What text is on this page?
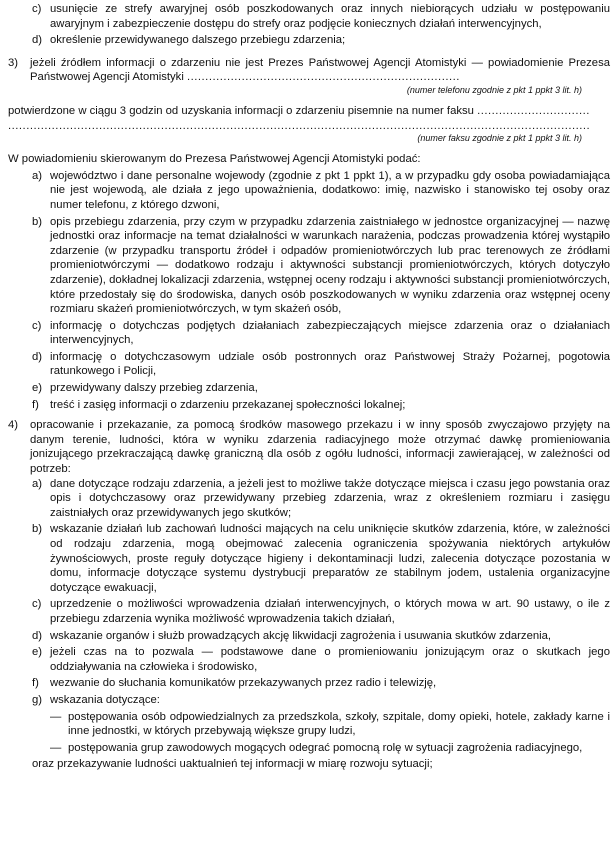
c) usunięcie ze strefy awaryjnej osób poszkodowanych oraz innych niebiorących udziału w postępowaniu awaryjnym i zabezpieczenie dostępu do strefy oraz podjęcie koniecznych działań interwencyjnych,

d) określenie przewidywanego dalszego przebiegu zdarzenia;

3) jeżeli źródłem informacji o zdarzeniu nie jest Prezes Państwowej Agencji Atomistyki — powiadomienie Prezesa Państwowej Agencji Atomistyki ...........................................................................

(numer telefonu zgodnie z pkt 1 ppkt 3 lit. h)

potwierdzone w ciągu 3 godzin od uzyskania informacji o zdarzeniu pisemnie na numer faksu ...............................

................................................................................................................................................................

(numer faksu zgodnie z pkt 1 ppkt 3 lit. h)

W powiadomieniu skierowanym do Prezesa Państwowej Agencji Atomistyki podać:

a) województwo i dane personalne wojewody (zgodnie z pkt 1 ppkt 1), a w przypadku gdy osoba powiadamiająca nie jest wojewodą, ale działa z jego upoważnienia, dodatkowo: imię, nazwisko i stanowisko tej osoby oraz numer telefonu, z którego dzwoni,

b) opis przebiegu zdarzenia, przy czym w przypadku zdarzenia zaistniałego w jednostce organizacyjnej — nazwę jednostki oraz informacje na temat działalności w warunkach narażenia, podczas prowadzenia której wystąpiło zdarzenie (w przypadku transportu źródeł i odpadów promieniotwórczych lub prac terenowych ze źródłami promieniotwórczymi — dodatkowo rodzaju i aktywności substancji promieniotwórczych, których dotyczyło zdarzenie), dokładnej lokalizacji zdarzenia, wstępnej oceny rodzaju i aktywności substancji promieniotwórczych, które przedostały się do środowiska, danych osób poszkodowanych w wyniku zdarzenia oraz wstępnej oceny rozmiaru skażeń promieniotwórczych, w tym skażeń osób,

c) informację o dotychczas podjętych działaniach zabezpieczających miejsce zdarzenia oraz o działaniach interwencyjnych,

d) informację o dotychczasowym udziale osób postronnych oraz Państwowej Straży Pożarnej, pogotowia ratunkowego i Policji,

e) przewidywany dalszy przebieg zdarzenia,

f) treść i zasięg informacji o zdarzeniu przekazanej społeczności lokalnej;

4) opracowanie i przekazanie, za pomocą środków masowego przekazu i w inny sposób zwyczajowo przyjęty na danym terenie, ludności, która w wyniku zdarzenia radiacyjnego może otrzymać dawkę promieniowania jonizującego przekraczającą dawkę graniczną dla osób z ogółu ludności, informacji zawierającej, w zależności od potrzeb:

a) dane dotyczące rodzaju zdarzenia, a jeżeli jest to możliwe także dotyczące miejsca i czasu jego powstania oraz opis i dotychczasowy oraz przewidywany przebieg zdarzenia, wraz z określeniem rozmiaru i zasięgu zaistniałych oraz przewidywanych jego skutków;

b) wskazanie działań lub zachowań ludności mających na celu uniknięcie skutków zdarzenia, które, w zależności od rodzaju zdarzenia, mogą obejmować zalecenia ograniczenia spożywania niektórych artykułów żywnościowych, proste reguły dotyczące higieny i dekontaminacji ludzi, zalecenia dotyczące pozostania w domu, informacje dotyczące systemu dystrybucji preparatów ze stabilnym jodem, ustalenia organizacyjne dotyczące ewakuacji,

c) uprzedzenie o możliwości wprowadzenia działań interwencyjnych, o których mowa w art. 90 ustawy, o ile z przebiegu zdarzenia wynika możliwość wprowadzenia takich działań,

d) wskazanie organów i służb prowadzących akcję likwidacji zagrożenia i usuwania skutków zdarzenia,

e) jeżeli czas na to pozwala — podstawowe dane o promieniowaniu jonizującym oraz o skutkach jego oddziaływania na człowieka i środowisko,

f) wezwanie do słuchania komunikatów przekazywanych przez radio i telewizję,

g) wskazania dotyczące:

— postępowania osób odpowiedzialnych za przedszkola, szkoły, szpitale, domy opieki, hotele, zakłady karne i inne jednostki, w których przebywają większe grupy ludzi,

— postępowania grup zawodowych mogących odegrać pomocną rolę w sytuacji zagrożenia radiacyjnego,

oraz przekazywanie ludności uaktualnień tej informacji w miarę rozwoju sytuacji;
